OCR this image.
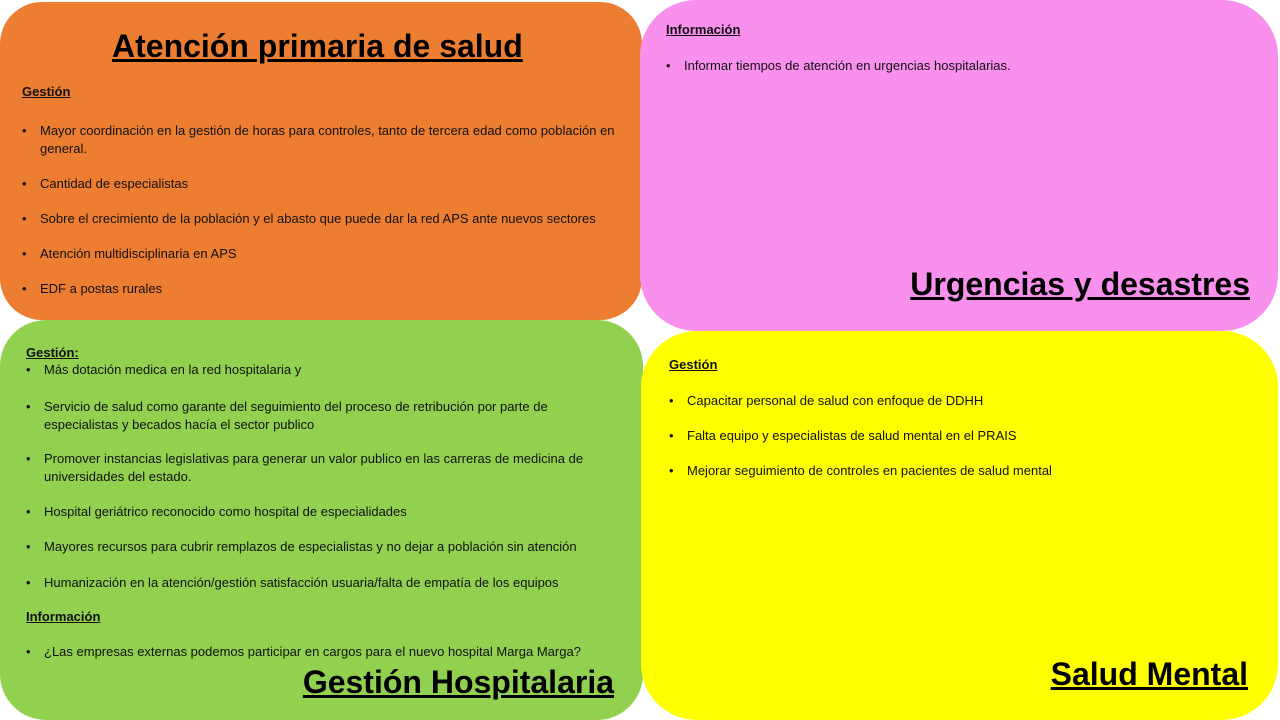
Atención primaria de salud
Gestión
• Mayor coordinación en la gestión de horas para controles, tanto de tercera edad como población en general.
• Cantidad de especialistas
• Sobre el crecimiento de la población y el abasto que puede dar la red APS ante nuevos sectores
• Atención multidisciplinaria en APS
• EDF a postas rurales
Información
• Informar tiempos de atención en urgencias hospitalarias.
Urgencias y desastres
Gestión:
• Más dotación medica en la red hospitalaria y
• Servicio de salud como garante del seguimiento del proceso de retribución por parte de especialistas y becados hacía el sector publico
• Promover instancias legislativas para generar un valor publico en las carreras de medicina de universidades del estado.
• Hospital geriátrico reconocido como hospital de especialidades
• Mayores recursos para cubrir remplazos de especialistas y no dejar a población sin atención
• Humanización en la atención/gestión satisfacción usuaria/falta de empatía de los equipos
Información
• ¿Las empresas externas podemos participar en cargos para el nuevo hospital Marga Marga?
Gestión Hospitalaria
Gestión
• Capacitar personal de salud con enfoque de DDHH
• Falta equipo y especialistas de salud mental en el PRAIS
• Mejorar seguimiento de controles en pacientes de salud mental
Salud Mental
